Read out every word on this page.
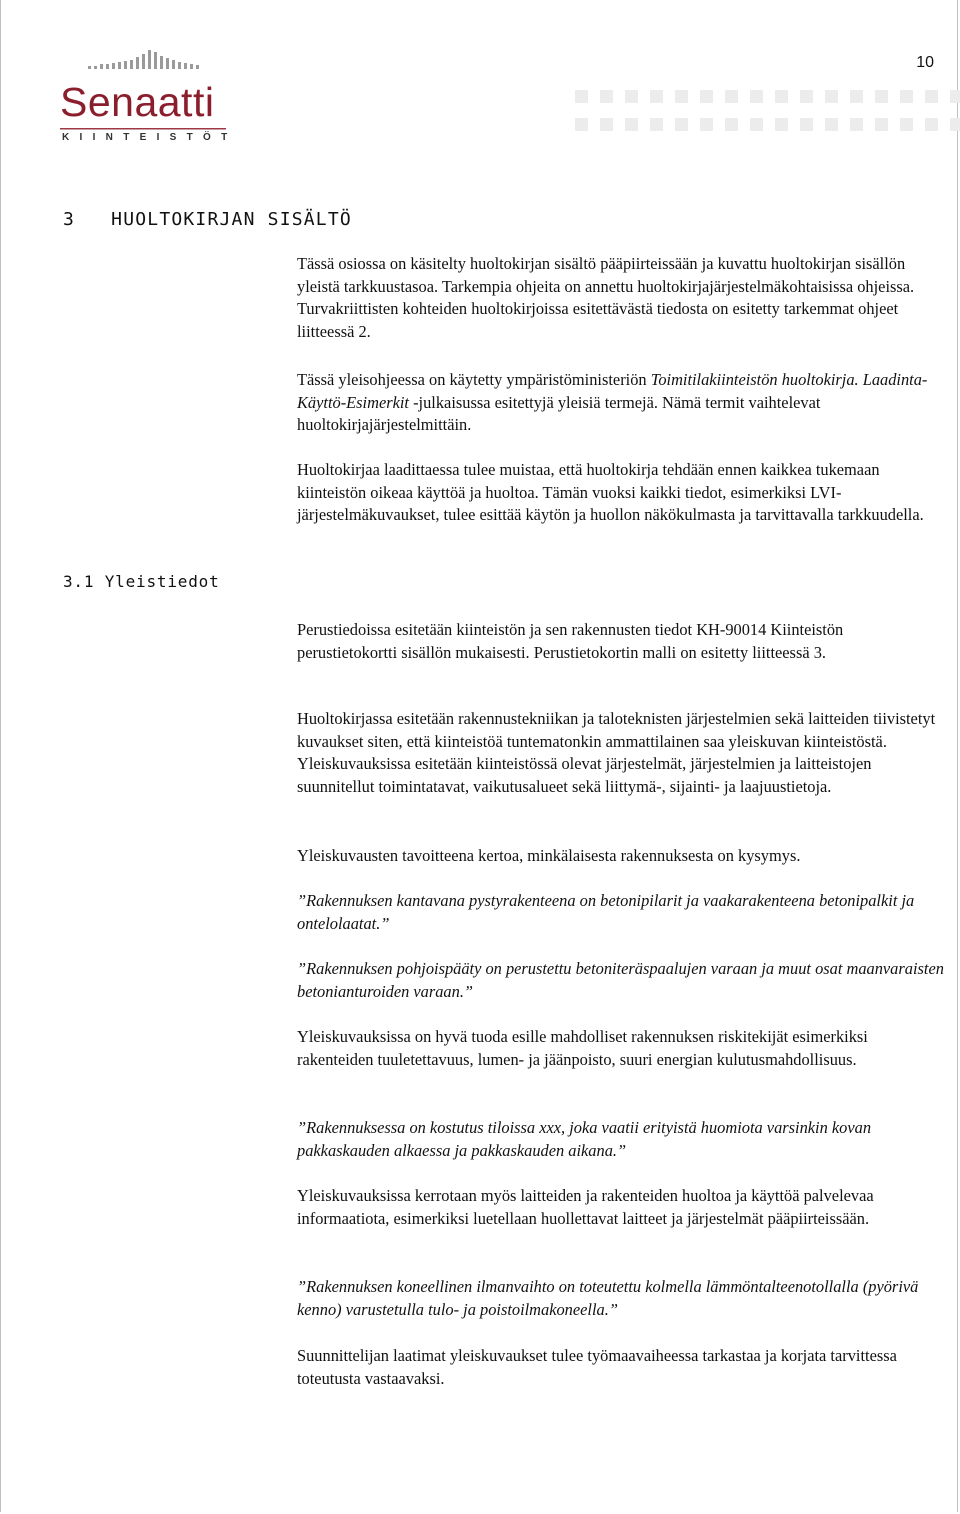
Senaatti
KIINTEISTÖT
10
3 HUOLTOKIRJAN SISÄLTÖ

Tässä osiossa on käsitelty huoltokirjan sisältö pääpiirteissään ja kuvattu huoltokirjan sisällön yleistä tarkkuustasoa. Tarkempia ohjeita on annettu huoltokirjajärjestelmäkohtaisissa ohjeissa. Turvakriittisten kohteiden huoltokirjoissa esitettävästä tiedosta on esitetty tarkemmat ohjeet liitteessä 2.

Tässä yleisohjeessa on käytetty ympäristöministeriön Toimitilakiinteistön huoltokirja. Laadinta-Käyttö-Esimerkit -julkaisussa esitettyjä yleisiä termejä. Nämä termit vaihtelevat huoltokirjajärjestelmittäin.

Huoltokirjaa laadittaessa tulee muistaa, että huoltokirja tehdään ennen kaikkea tukemaan kiinteistön oikeaa käyttöä ja huoltoa. Tämän vuoksi kaikki tiedot, esimerkiksi LVI-järjestelmäkuvaukset, tulee esittää käytön ja huollon näkökulmasta ja tarvittavalla tarkkuudella.

3.1 Yleistiedot

Perustiedoissa esitetään kiinteistön ja sen rakennusten tiedot KH-90014 Kiinteistön perustietokortti sisällön mukaisesti. Perustietokortin malli on esitetty liitteessä 3.

Huoltokirjassa esitetään rakennustekniikan ja taloteknisten järjestelmien sekä laitteiden tiivistetyt kuvaukset siten, että kiinteistöä tuntematonkin ammattilainen saa yleiskuvan kiinteistöstä. Yleiskuvauksissa esitetään kiinteistössä olevat järjestelmät, järjestelmien ja laitteistojen suunnitellut toimintatavat, vaikutusalueet sekä liittymä-, sijainti- ja laajuustietoja.

Yleiskuvausten tavoitteena kertoa, minkälaisesta rakennuksesta on kysymys.

”Rakennuksen kantavana pystyrakenteena on betonipilarit ja vaakarakenteena betonipalkit ja ontelolaatat.”

”Rakennuksen pohjoispääty on perustettu betoniteräspaalujen varaan ja muut osat maanvaraisten betonianturoiden varaan.”

Yleiskuvauksissa on hyvä tuoda esille mahdolliset rakennuksen riskitekijät esimerkiksi rakenteiden tuuletettavuus, lumen- ja jäänpoisto, suuri energian kulutusmahdollisuus.

”Rakennuksessa on kostutus tiloissa xxx, joka vaatii erityistä huomiota varsinkin kovan pakkaskauden alkaessa ja pakkaskauden aikana.”

Yleiskuvauksissa kerrotaan myös laitteiden ja rakenteiden huoltoa ja käyttöä palvelevaa informaatiota, esimerkiksi luetellaan huollettavat laitteet ja järjestelmät pääpiirteissään.

”Rakennuksen koneellinen ilmanvaihto on toteutettu kolmella lämmöntalteenotollalla (pyörivä kenno) varustetulla tulo- ja poistoilmakoneella.”

Suunnittelijan laatimat yleiskuvaukset tulee työmaavaiheessa tarkastaa ja korjata tarvittessa toteutusta vastaavaksi.
